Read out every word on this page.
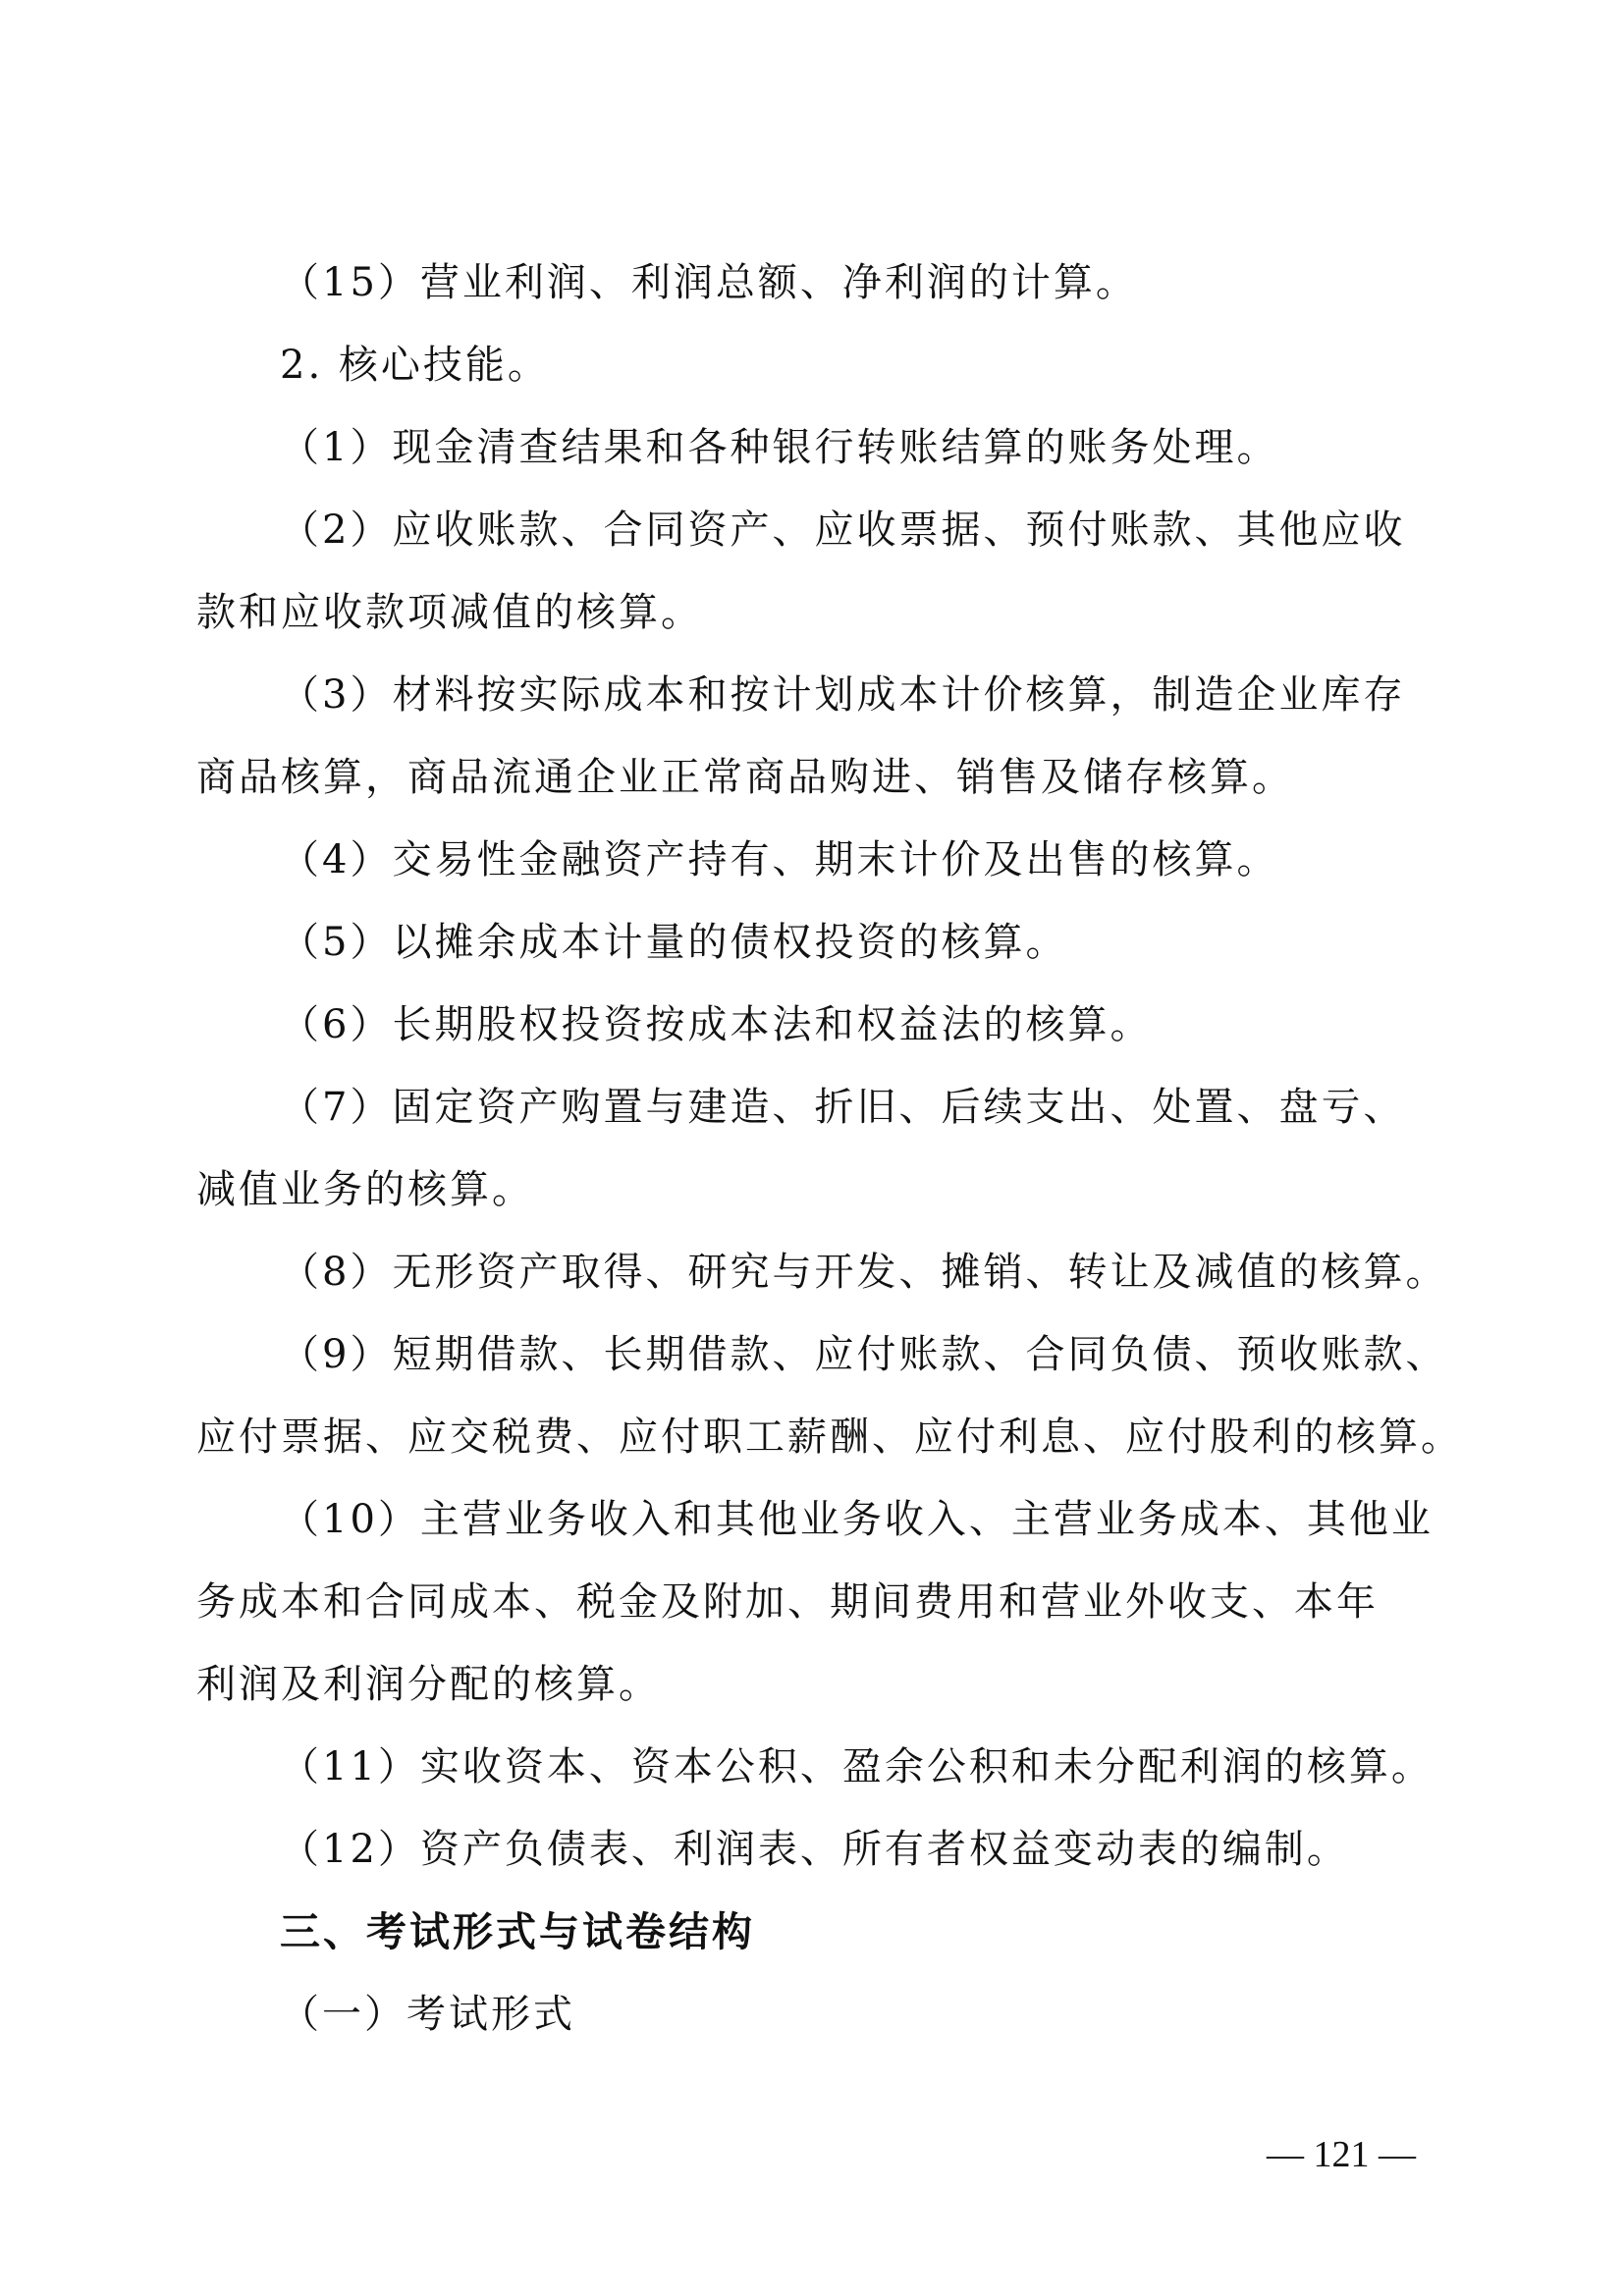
（15）营业利润、利润总额、净利润的计算。
2. 核心技能。
（1）现金清查结果和各种银行转账结算的账务处理。
（2）应收账款、合同资产、应收票据、预付账款、其他应收
款和应收款项减值的核算。
（3）材料按实际成本和按计划成本计价核算，制造企业库存
商品核算，商品流通企业正常商品购进、销售及储存核算。
（4）交易性金融资产持有、期末计价及出售的核算。
（5）以摊余成本计量的债权投资的核算。
（6）长期股权投资按成本法和权益法的核算。
（7）固定资产购置与建造、折旧、后续支出、处置、盘亏、
减值业务的核算。
（8）无形资产取得、研究与开发、摊销、转让及减值的核算。
（9）短期借款、长期借款、应付账款、合同负债、预收账款、
应付票据、应交税费、应付职工薪酬、应付利息、应付股利的核算。
（10）主营业务收入和其他业务收入、主营业务成本、其他业
务成本和合同成本、税金及附加、期间费用和营业外收支、本年
利润及利润分配的核算。
（11）实收资本、资本公积、盈余公积和未分配利润的核算。
（12）资产负债表、利润表、所有者权益变动表的编制。
三、考试形式与试卷结构
（一）考试形式
— 121 —
